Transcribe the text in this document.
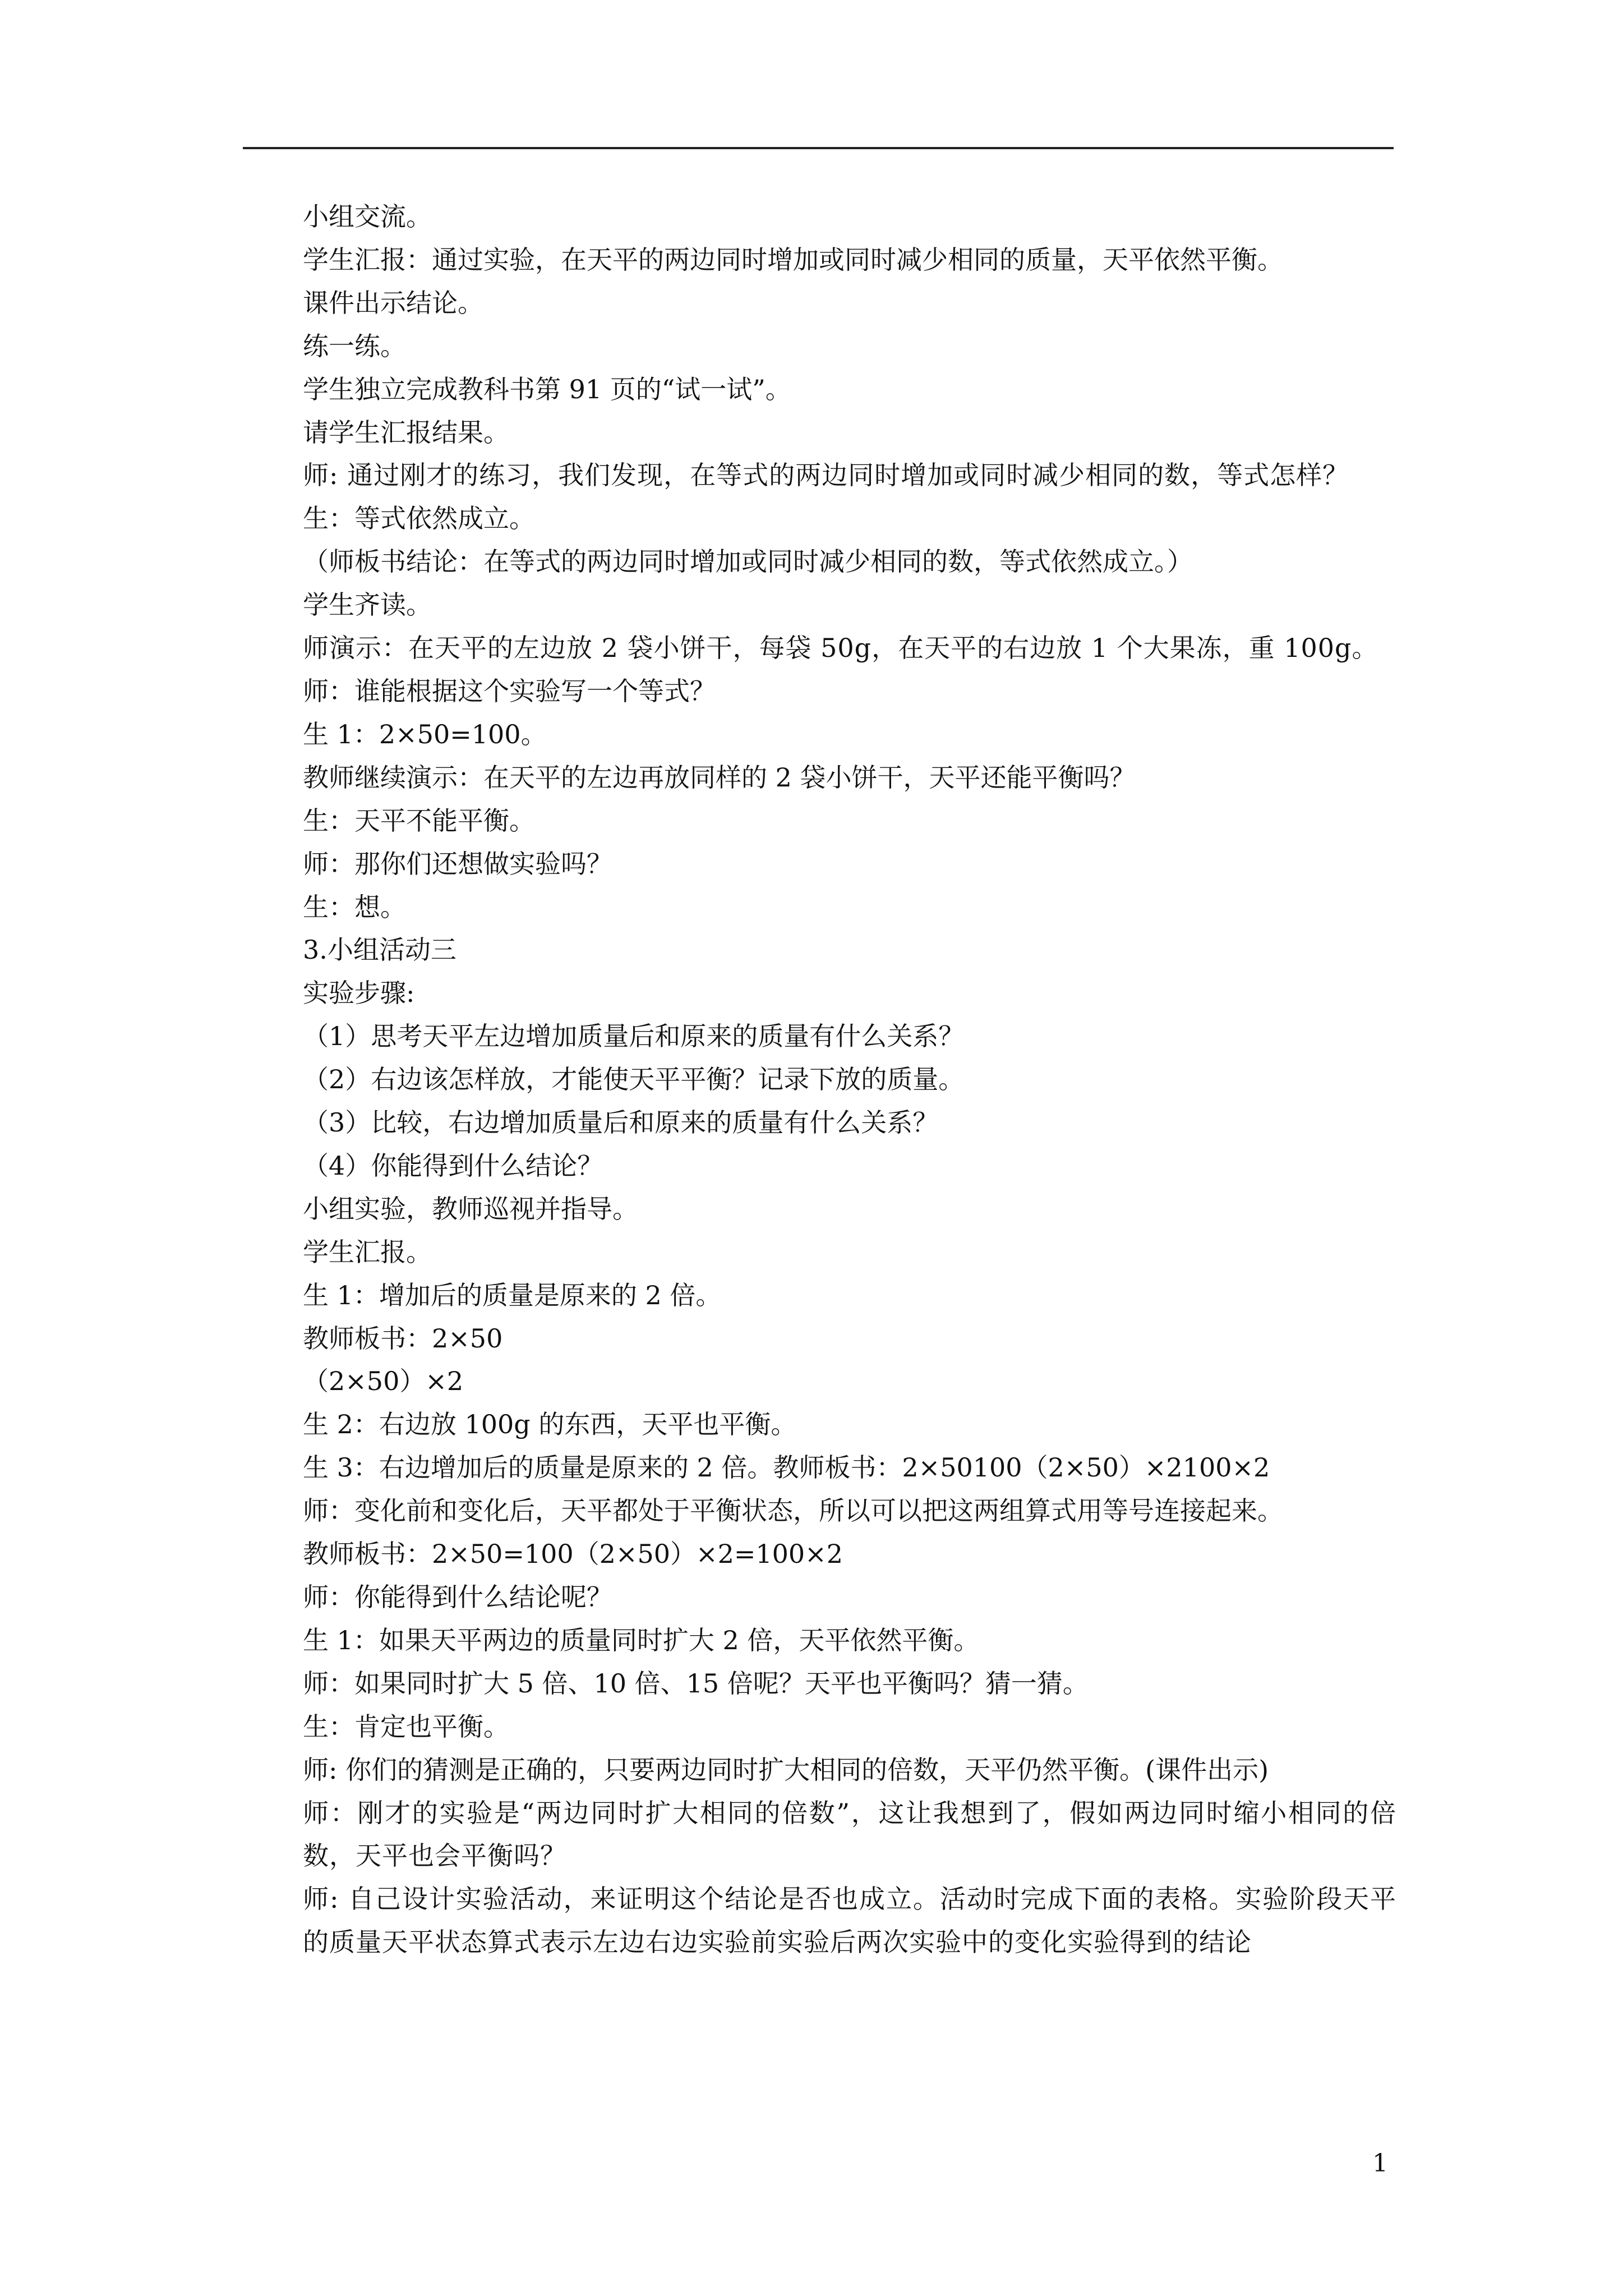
小组交流。
学生汇报：通过实验，在天平的两边同时增加或同时减少相同的质量，天平依然平衡。
课件出示结论。
练一练。
学生独立完成教科书第 91 页的“试一试”。
请学生汇报结果。
师: 通过刚才的练习，我们发现，在等式的两边同时增加或同时减少相同的数，等式怎样？
生：等式依然成立。
（师板书结论：在等式的两边同时增加或同时减少相同的数，等式依然成立。）
学生齐读。
师演示：在天平的左边放 2 袋小饼干，每袋 50g，在天平的右边放 1 个大果冻，重 100g。
师：谁能根据这个实验写一个等式？
生 1：2×50=100。
教师继续演示：在天平的左边再放同样的 2 袋小饼干，天平还能平衡吗？
生：天平不能平衡。
师：那你们还想做实验吗？
生：想。
3.小组活动三
实验步骤:
（1）思考天平左边增加质量后和原来的质量有什么关系？
（2）右边该怎样放，才能使天平平衡？记录下放的质量。
（3）比较，右边增加质量后和原来的质量有什么关系？
（4）你能得到什么结论？
小组实验，教师巡视并指导。
学生汇报。
生 1：增加后的质量是原来的 2 倍。
教师板书：2×50
（2×50）×2
生 2：右边放 100g 的东西，天平也平衡。
生 3：右边增加后的质量是原来的 2 倍。教师板书：2×50100（2×50）×2100×2
师：变化前和变化后，天平都处于平衡状态，所以可以把这两组算式用等号连接起来。
教师板书：2×50=100（2×50）×2=100×2
师：你能得到什么结论呢？
生 1：如果天平两边的质量同时扩大 2 倍，天平依然平衡。
师：如果同时扩大 5 倍、10 倍、15 倍呢？天平也平衡吗？猜一猜。
生：肯定也平衡。
师: 你们的猜测是正确的，只要两边同时扩大相同的倍数，天平仍然平衡。(课件出示)
师：刚才的实验是“两边同时扩大相同的倍数”，这让我想到了，假如两边同时缩小相同的倍数，天平也会平衡吗？
师: 自己设计实验活动，来证明这个结论是否也成立。活动时完成下面的表格。实验阶段天平的质量天平状态算式表示左边右边实验前实验后两次实验中的变化实验得到的结论
1
